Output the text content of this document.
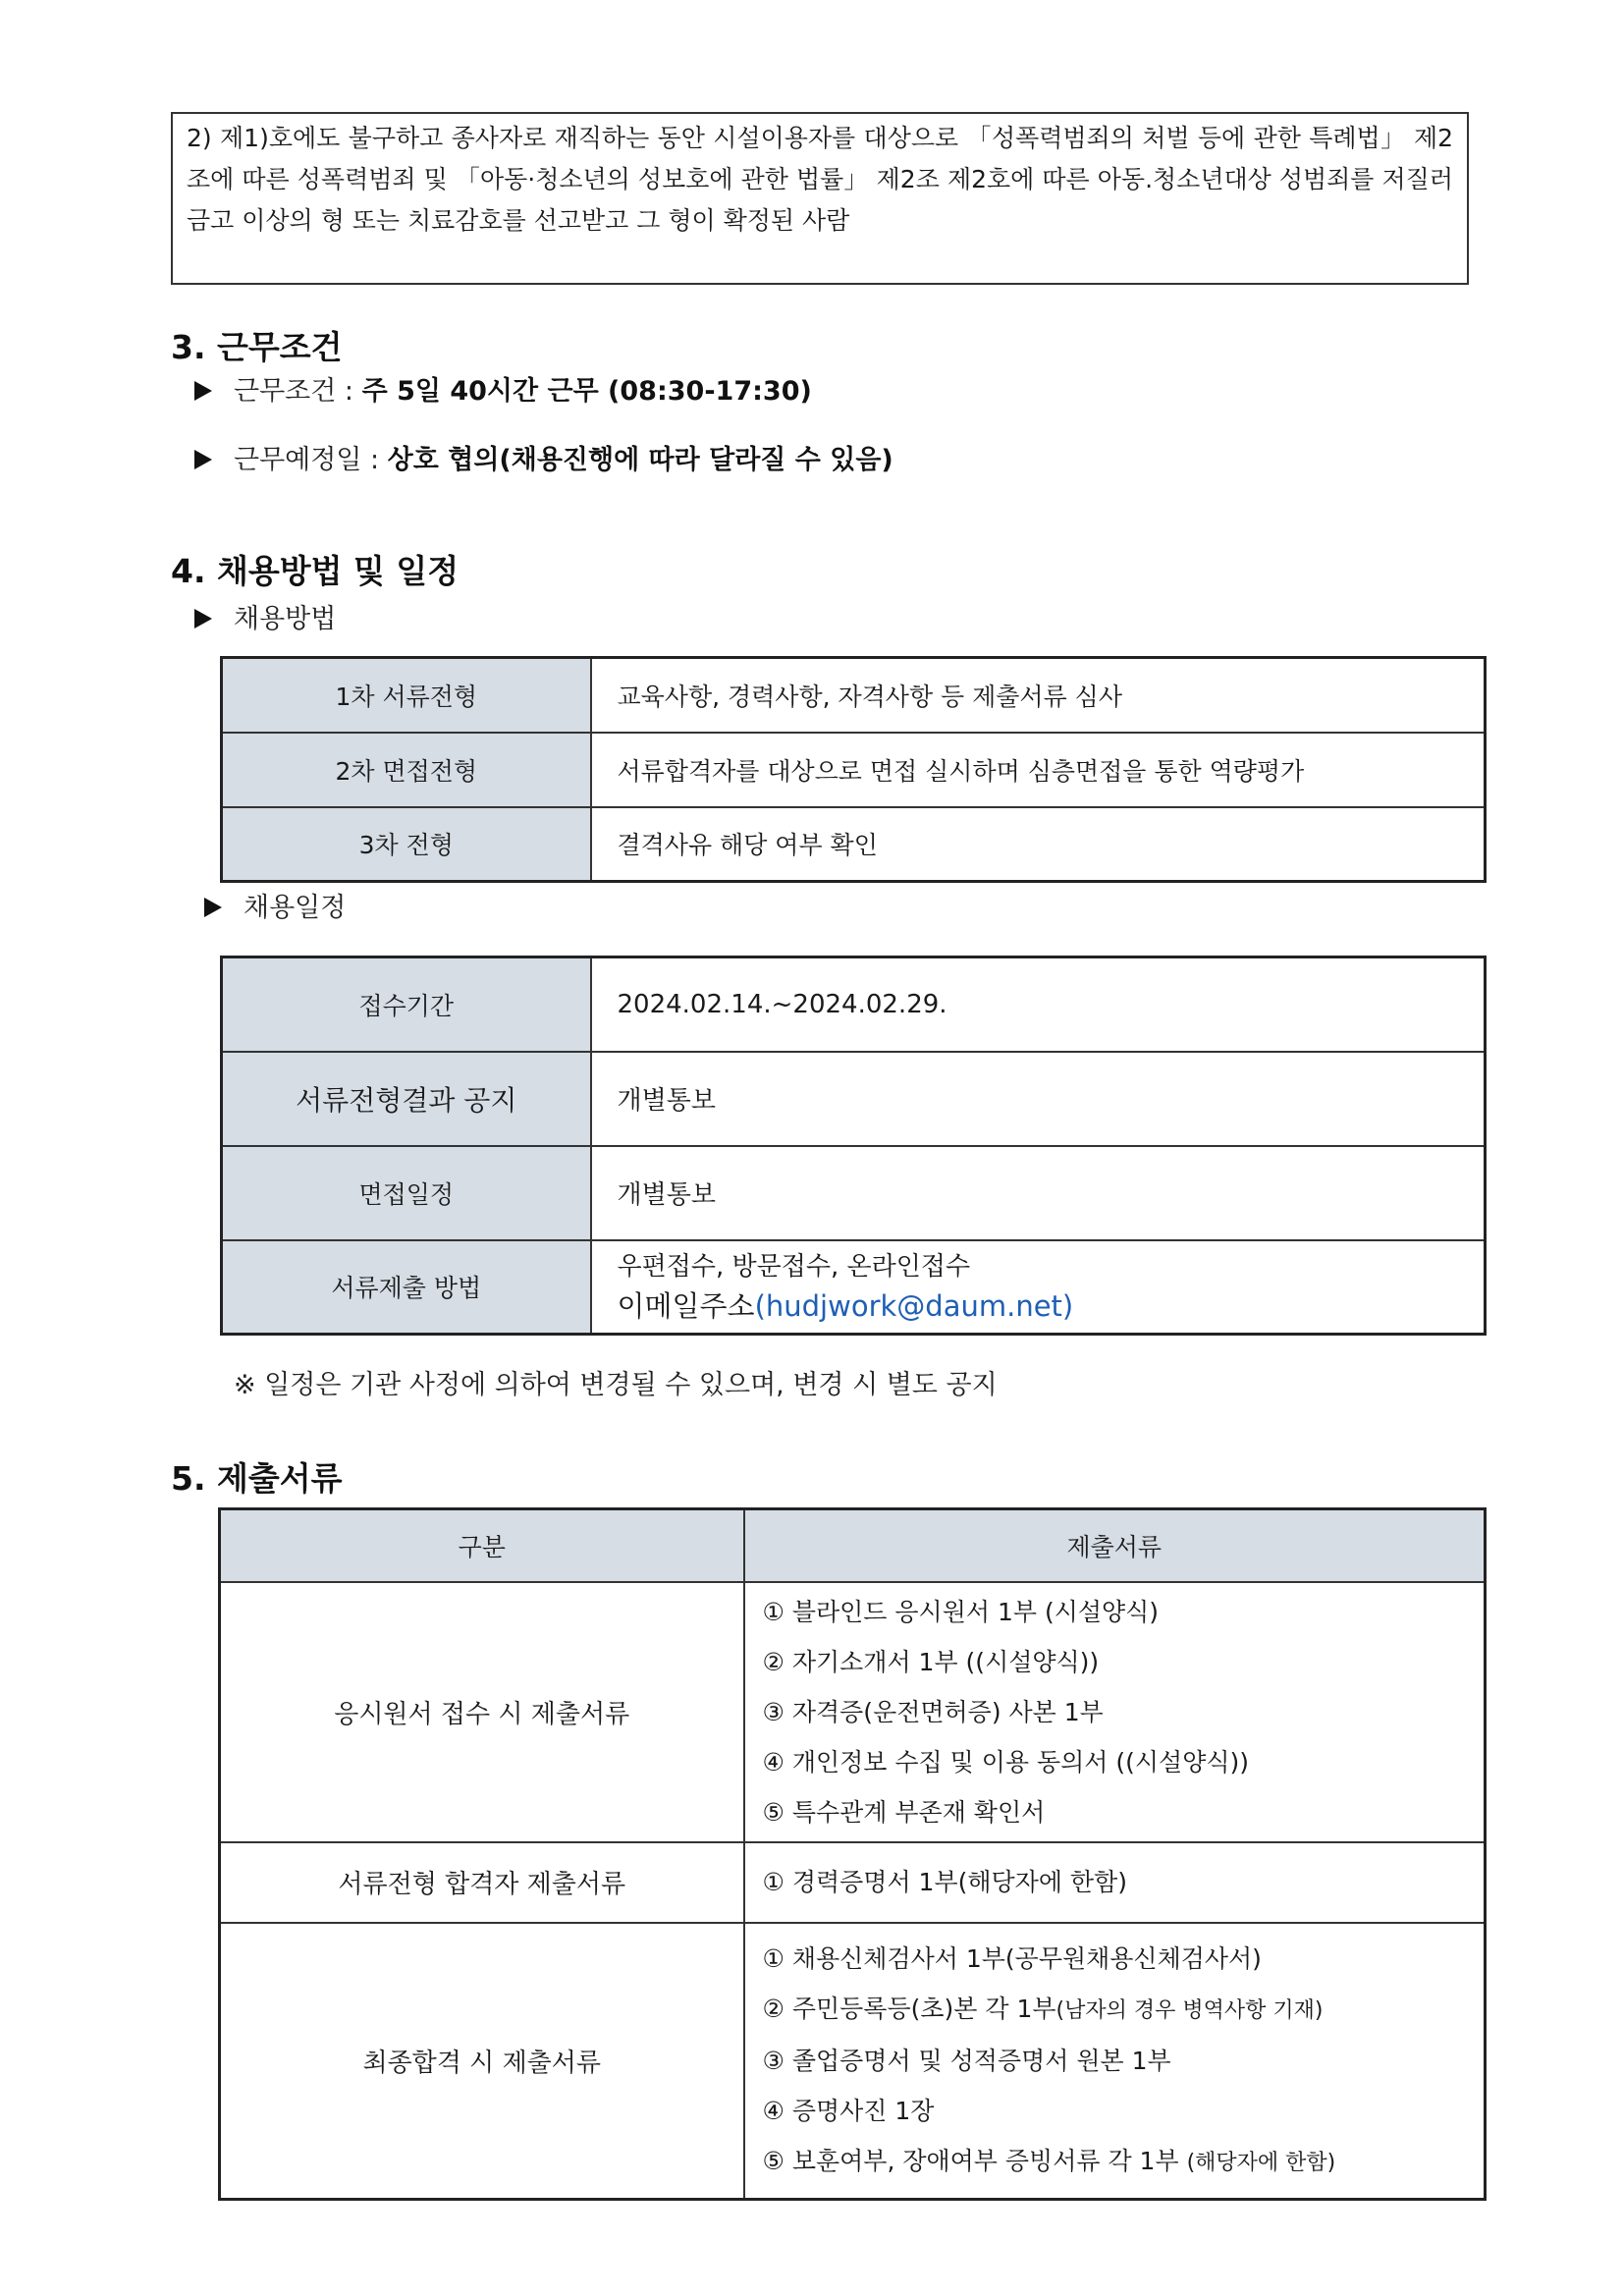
2) 제1)호에도 불구하고 종사자로 재직하는 동안 시설이용자를 대상으로 「성폭력범죄의 처벌 등에 관한 특례법」 제2조에 따른 성폭력범죄 및 「아동·청소년의 성보호에 관한 법률」 제2조 제2호에 따른 아동.청소년대상 성범죄를 저질러 금고 이상의 형 또는 치료감호를 선고받고 그 형이 확정된 사람
3. 근무조건
근무조건 : 주 5일 40시간 근무 (08:30-17:30)
근무예정일 : 상호 협의(채용진행에 따라 달라질 수 있음)
4. 채용방법 및 일정
채용방법
1차 서류전형	교육사항, 경력사항, 자격사항 등 제출서류 심사
2차 면접전형	서류합격자를 대상으로 면접 실시하며 심층면접을 통한 역량평가
3차 전형	결격사유 해당 여부 확인
채용일정
접수기간	2024.02.14.~2024.02.29.
서류전형결과 공지	개별통보
면접일정	개별통보
서류제출 방법	우편접수, 방문접수, 온라인접수
이메일주소(hudjwork@daum.net)
※ 일정은 기관 사정에 의하여 변경될 수 있으며, 변경 시 별도 공지
5. 제출서류
구분	제출서류
응시원서 접수 시 제출서류	① 블라인드 응시원서 1부 (시설양식)
② 자기소개서 1부 ((시설양식))
③ 자격증(운전면허증) 사본 1부
④ 개인정보 수집 및 이용 동의서 ((시설양식))
⑤ 특수관계 부존재 확인서

서류전형 합격자 제출서류	① 경력증명서 1부(해당자에 한함)

최종합격 시 제출서류	① 채용신체검사서 1부(공무원채용신체검사서)
② 주민등록등(초)본 각 1부(남자의 경우 병역사항 기재)
③ 졸업증명서 및 성적증명서 원본 1부
④ 증명사진 1장
⑤ 보훈여부, 장애여부 증빙서류 각 1부 (해당자에 한함)
